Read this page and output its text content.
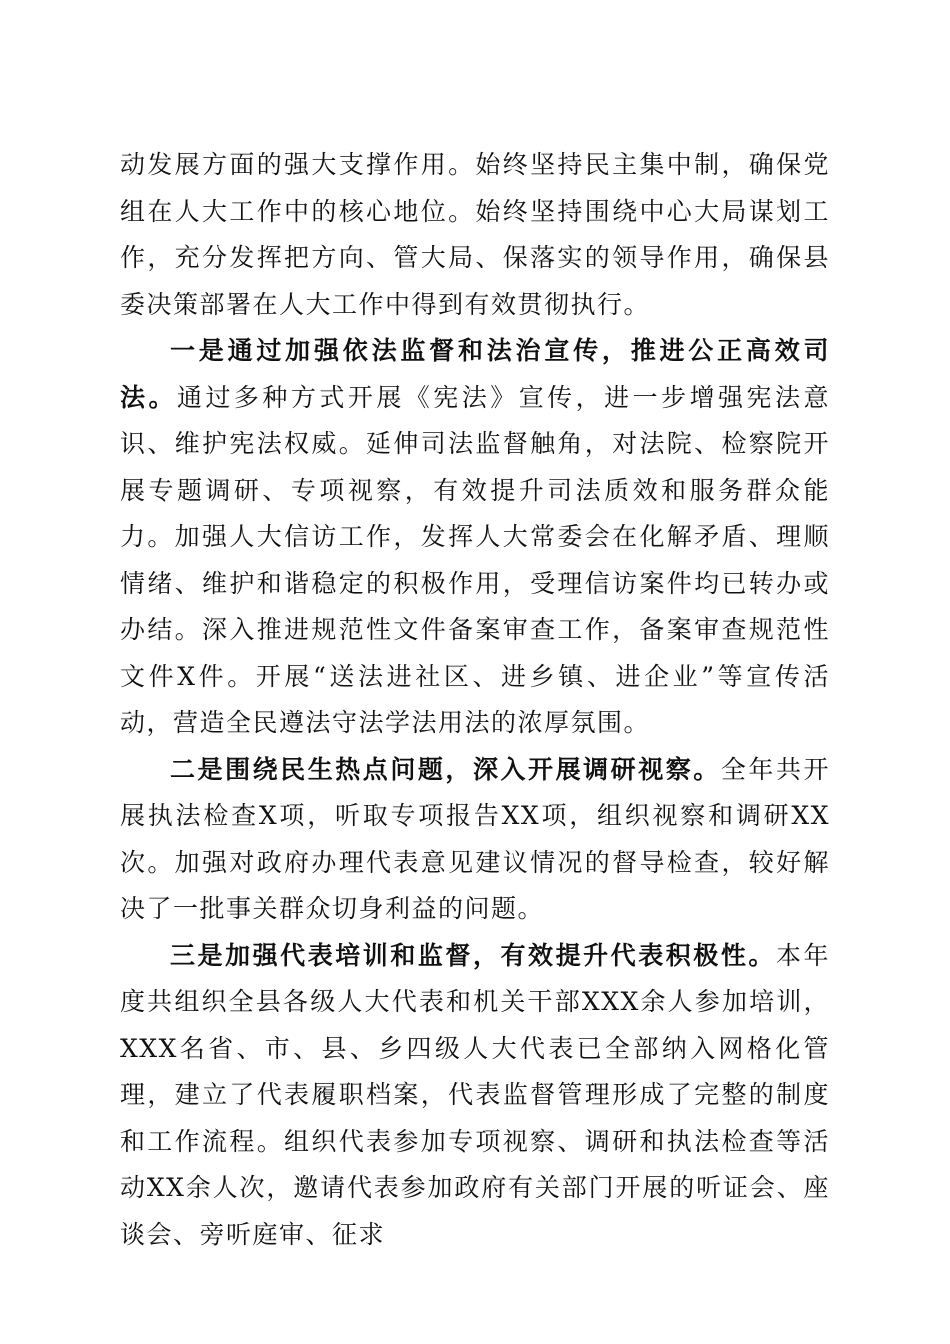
动发展方面的强大支撑作用。始终坚持民主集中制，确保党组在人大工作中的核心地位。始终坚持围绕中心大局谋划工作，充分发挥把方向、管大局、保落实的领导作用，确保县委决策部署在人大工作中得到有效贯彻执行。

一是通过加强依法监督和法治宣传，推进公正高效司法。通过多种方式开展《宪法》宣传，进一步增强宪法意识、维护宪法权威。延伸司法监督触角，对法院、检察院开展专题调研、专项视察，有效提升司法质效和服务群众能力。加强人大信访工作，发挥人大常委会在化解矛盾、理顺情绪、维护和谐稳定的积极作用，受理信访案件均已转办或办结。深入推进规范性文件备案审查工作，备案审查规范性文件X件。开展“送法进社区、进乡镇、进企业”等宣传活动，营造全民遵法守法学法用法的浓厚氛围。

二是围绕民生热点问题，深入开展调研视察。全年共开展执法检查X项，听取专项报告XX项，组织视察和调研XX次。加强对政府办理代表意见建议情况的督导检查，较好解决了一批事关群众切身利益的问题。

三是加强代表培训和监督，有效提升代表积极性。本年度共组织全县各级人大代表和机关干部XXX余人参加培训，XXX名省、市、县、乡四级人大代表已全部纳入网格化管理，建立了代表履职档案，代表监督管理形成了完整的制度和工作流程。组织代表参加专项视察、调研和执法检查等活动XX余人次，邀请代表参加政府有关部门开展的听证会、座谈会、旁听庭审、征求
